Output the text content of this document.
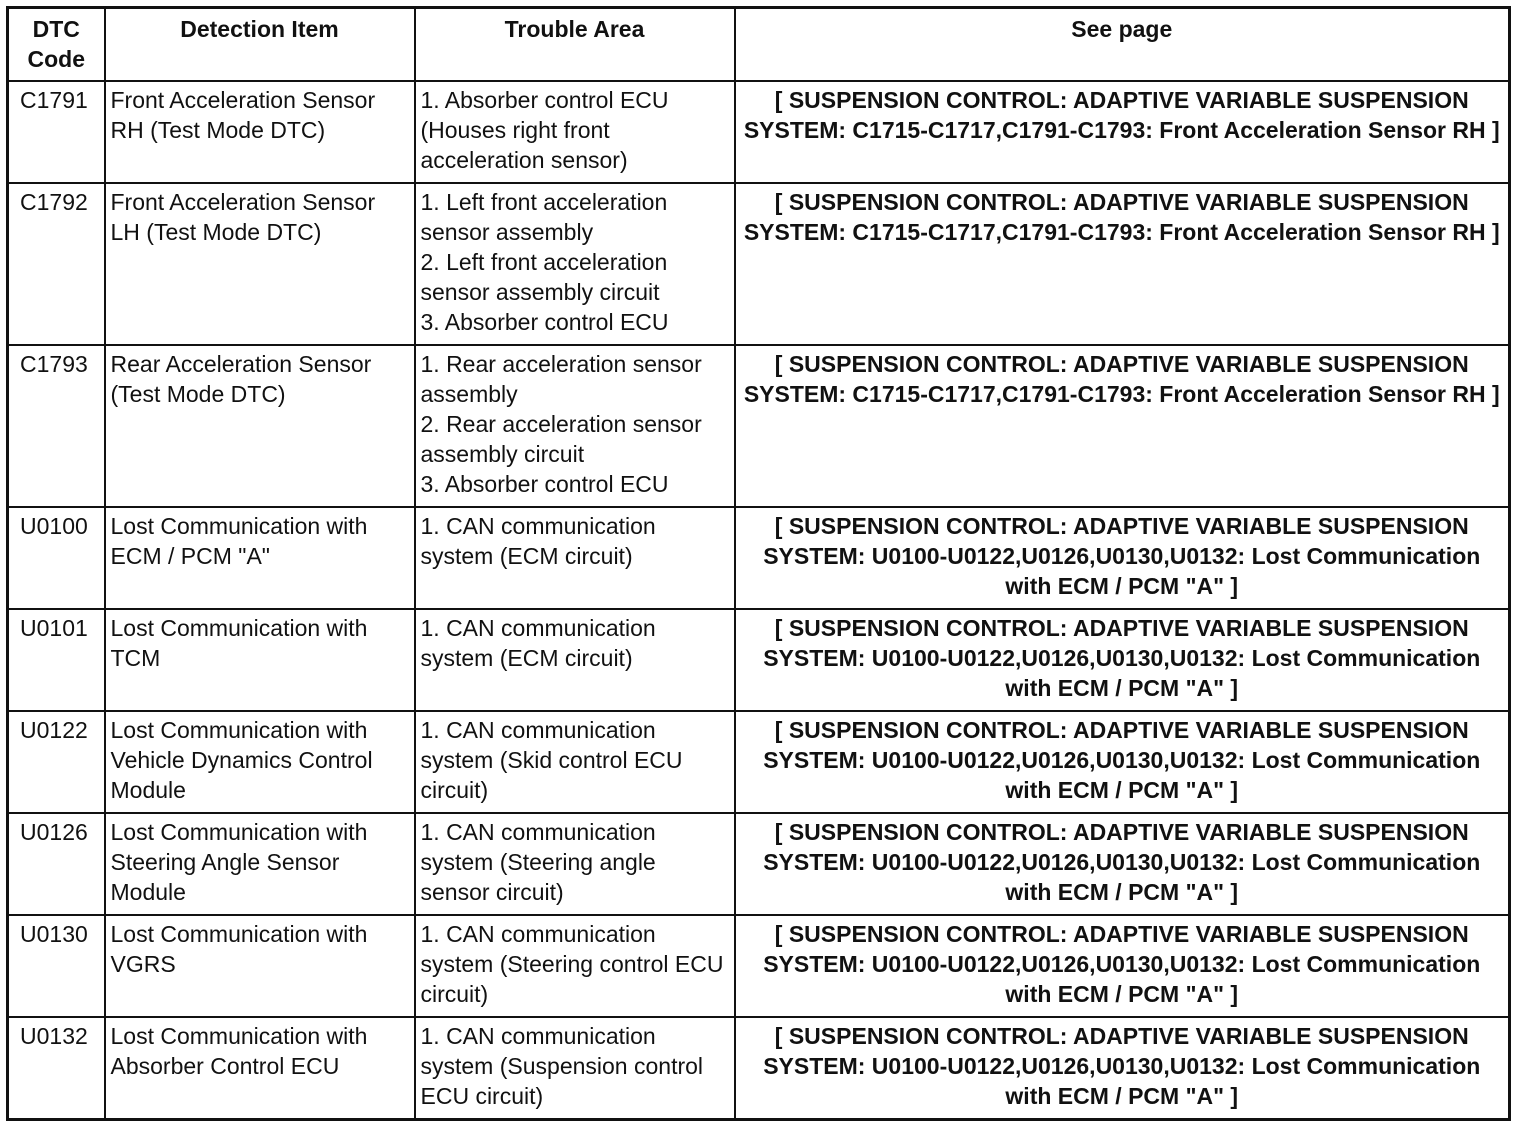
DTC
Code	Detection Item	Trouble Area	See page
C1791	Front Acceleration Sensor RH (Test Mode DTC)	1. Absorber control ECU (Houses right front acceleration sensor)	[ SUSPENSION CONTROL: ADAPTIVE VARIABLE SUSPENSION SYSTEM: C1715-C1717,C1791-C1793: Front Acceleration Sensor RH ]
C1792	Front Acceleration Sensor LH (Test Mode DTC)	1. Left front acceleration sensor assembly
2. Left front acceleration sensor assembly circuit
3. Absorber control ECU	[ SUSPENSION CONTROL: ADAPTIVE VARIABLE SUSPENSION SYSTEM: C1715-C1717,C1791-C1793: Front Acceleration Sensor RH ]
C1793	Rear Acceleration Sensor (Test Mode DTC)	1. Rear acceleration sensor assembly
2. Rear acceleration sensor assembly circuit
3. Absorber control ECU	[ SUSPENSION CONTROL: ADAPTIVE VARIABLE SUSPENSION SYSTEM: C1715-C1717,C1791-C1793: Front Acceleration Sensor RH ]
U0100	Lost Communication with ECM / PCM "A"	1. CAN communication system (ECM circuit)	[ SUSPENSION CONTROL: ADAPTIVE VARIABLE SUSPENSION SYSTEM: U0100-U0122,U0126,U0130,U0132: Lost Communication with ECM / PCM "A" ]
U0101	Lost Communication with TCM	1. CAN communication system (ECM circuit)	[ SUSPENSION CONTROL: ADAPTIVE VARIABLE SUSPENSION SYSTEM: U0100-U0122,U0126,U0130,U0132: Lost Communication with ECM / PCM "A" ]
U0122	Lost Communication with Vehicle Dynamics Control Module	1. CAN communication system (Skid control ECU circuit)	[ SUSPENSION CONTROL: ADAPTIVE VARIABLE SUSPENSION SYSTEM: U0100-U0122,U0126,U0130,U0132: Lost Communication with ECM / PCM "A" ]
U0126	Lost Communication with Steering Angle Sensor Module	1. CAN communication system (Steering angle sensor circuit)	[ SUSPENSION CONTROL: ADAPTIVE VARIABLE SUSPENSION SYSTEM: U0100-U0122,U0126,U0130,U0132: Lost Communication with ECM / PCM "A" ]
U0130	Lost Communication with VGRS	1. CAN communication system (Steering control ECU circuit)	[ SUSPENSION CONTROL: ADAPTIVE VARIABLE SUSPENSION SYSTEM: U0100-U0122,U0126,U0130,U0132: Lost Communication with ECM / PCM "A" ]
U0132	Lost Communication with Absorber Control ECU	1. CAN communication system (Suspension control ECU circuit)	[ SUSPENSION CONTROL: ADAPTIVE VARIABLE SUSPENSION SYSTEM: U0100-U0122,U0126,U0130,U0132: Lost Communication with ECM / PCM "A" ]
